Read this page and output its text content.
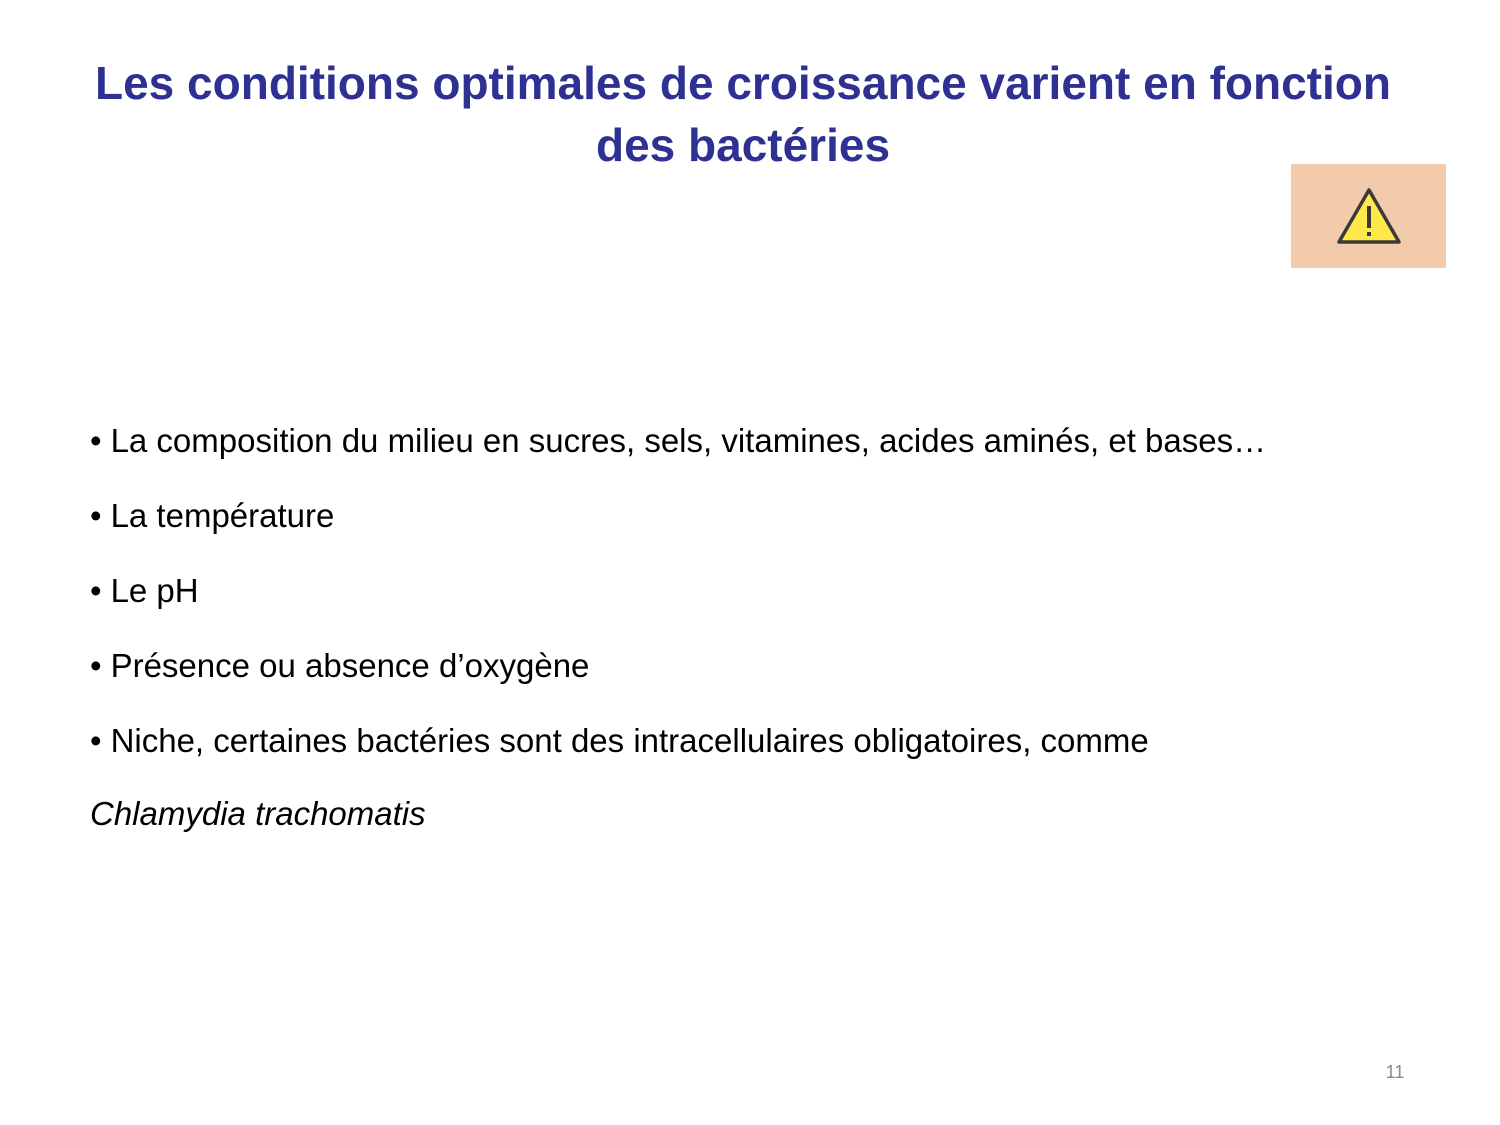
Les conditions optimales de croissance varient en fonction des bactéries
• La composition du milieu en sucres, sels, vitamines, acides aminés, et bases…
• La température
• Le pH
• Présence ou absence d’oxygène
• Niche, certaines bactéries sont des intracellulaires obligatoires, comme
Chlamydia trachomatis
11
